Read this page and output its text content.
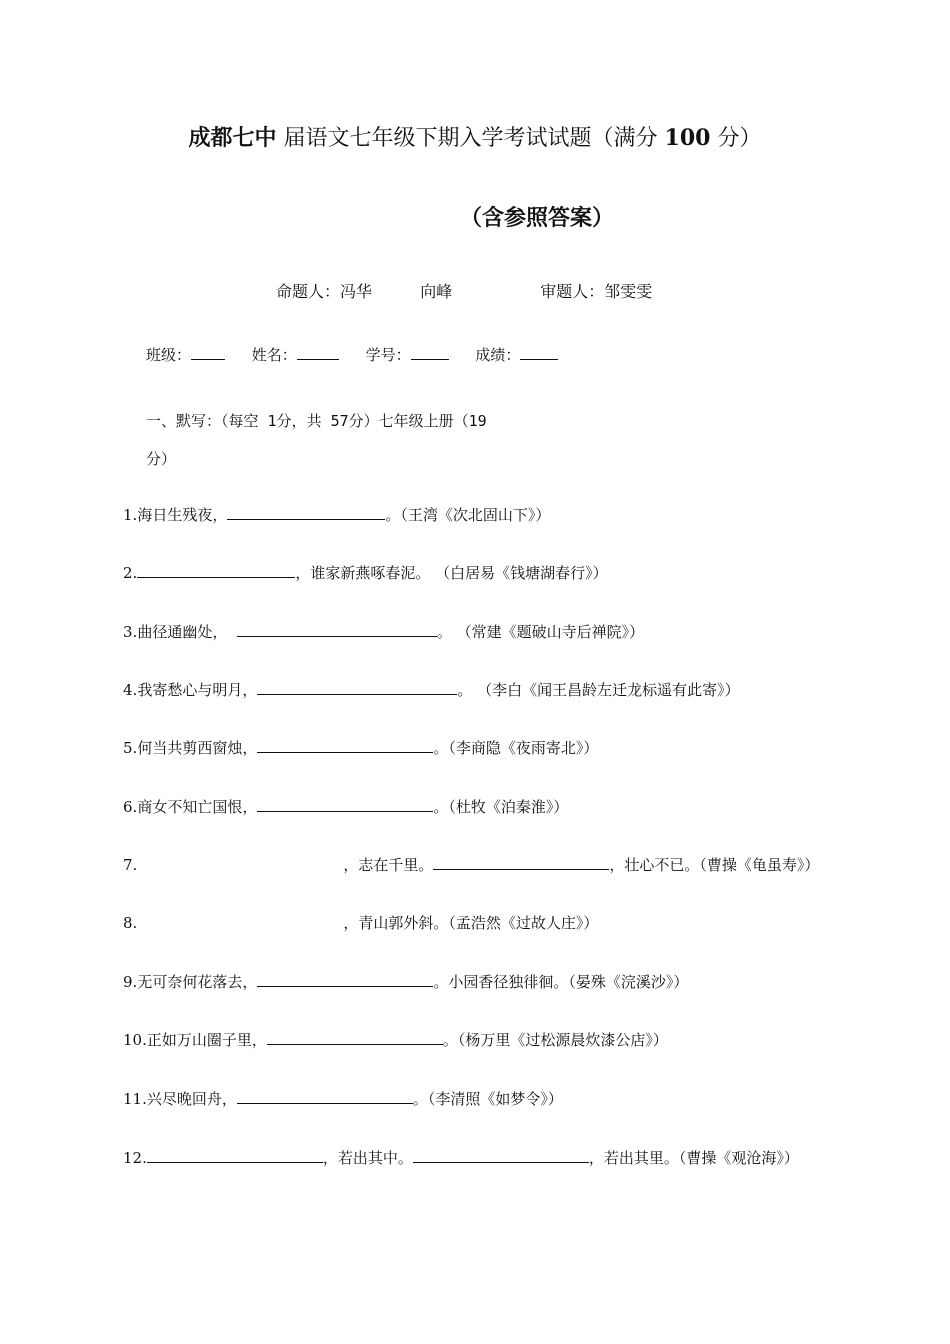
成都七中 届语文七年级下期入学考试试题（满分 100 分）
（含参照答案）
命题人：冯华	向峰	审题人：邹雯雯
班级：	姓名：	学号：	成绩：
一、默写：（每空 1分，共 57分）七年级上册（19
分）
1.海日生残夜，	。（王湾《次北固山下》）
2.	，谁家新燕啄春泥。 （白居易《钱塘湖春行》）
3.曲径通幽处，	。 （常建《题破山寺后禅院》）
4.我寄愁心与明月，	。 （李白《闻王昌龄左迁龙标遥有此寄》）
5.何当共剪西窗烛，	。（李商隐《夜雨寄北》）
6.商女不知亡国恨，	。（杜牧《泊秦淮》）
7.	，志在千里。	，壮心不已。（曹操《龟虽寿》）
8.	，青山郭外斜。（孟浩然《过故人庄》）
9.无可奈何花落去，	。小园香径独徘徊。（晏殊《浣溪沙》）
10.正如万山圈子里，	。（杨万里《过松源晨炊漆公店》）
11.兴尽晚回舟，	。（李清照《如梦令》）
12.	，若出其中。	，若出其里。（曹操《观沧海》）
